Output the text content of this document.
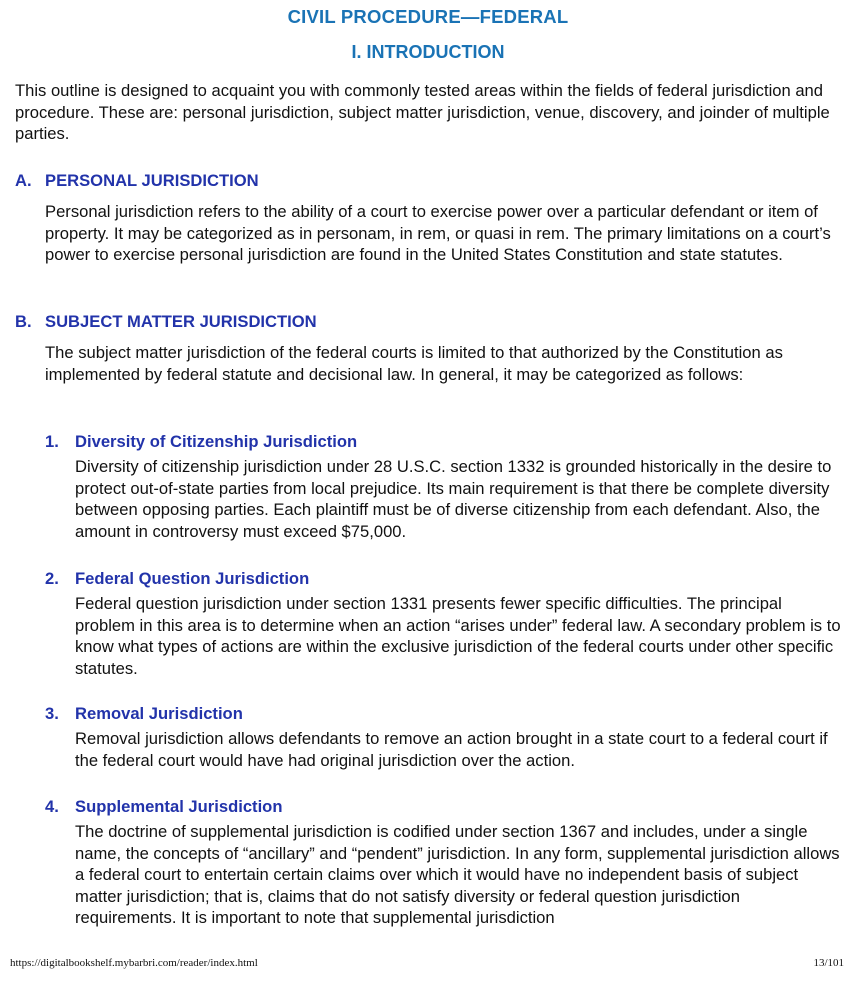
CIVIL PROCEDURE—FEDERAL
I. INTRODUCTION

This outline is designed to acquaint you with commonly tested areas within the fields of federal jurisdiction and procedure. These are: personal jurisdiction, subject matter jurisdiction, venue, discovery, and joinder of multiple parties.

A. PERSONAL JURISDICTION

Personal jurisdiction refers to the ability of a court to exercise power over a particular defendant or item of property. It may be categorized as in personam, in rem, or quasi in rem. The primary limitations on a court’s power to exercise personal jurisdiction are found in the United States Constitution and state statutes.

B. SUBJECT MATTER JURISDICTION

The subject matter jurisdiction of the federal courts is limited to that authorized by the Constitution as implemented by federal statute and decisional law. In general, it may be categorized as follows:

1. Diversity of Citizenship Jurisdiction

Diversity of citizenship jurisdiction under 28 U.S.C. section 1332 is grounded historically in the desire to protect out-of-state parties from local prejudice. Its main requirement is that there be complete diversity between opposing parties. Each plaintiff must be of diverse citizenship from each defendant. Also, the amount in controversy must exceed $75,000.

2. Federal Question Jurisdiction

Federal question jurisdiction under section 1331 presents fewer specific difficulties. The principal problem in this area is to determine when an action “arises under” federal law. A secondary problem is to know what types of actions are within the exclusive jurisdiction of the federal courts under other specific statutes.

3. Removal Jurisdiction

Removal jurisdiction allows defendants to remove an action brought in a state court to a federal court if the federal court would have had original jurisdiction over the action.

4. Supplemental Jurisdiction

The doctrine of supplemental jurisdiction is codified under section 1367 and includes, under a single name, the concepts of “ancillary” and “pendent” jurisdiction. In any form, supplemental jurisdiction allows a federal court to entertain certain claims over which it would have no independent basis of subject matter jurisdiction; that is, claims that do not satisfy diversity or federal question jurisdiction requirements. It is important to note that supplemental jurisdiction

https://digitalbookshelf.mybarbri.com/reader/index.html	13/101
